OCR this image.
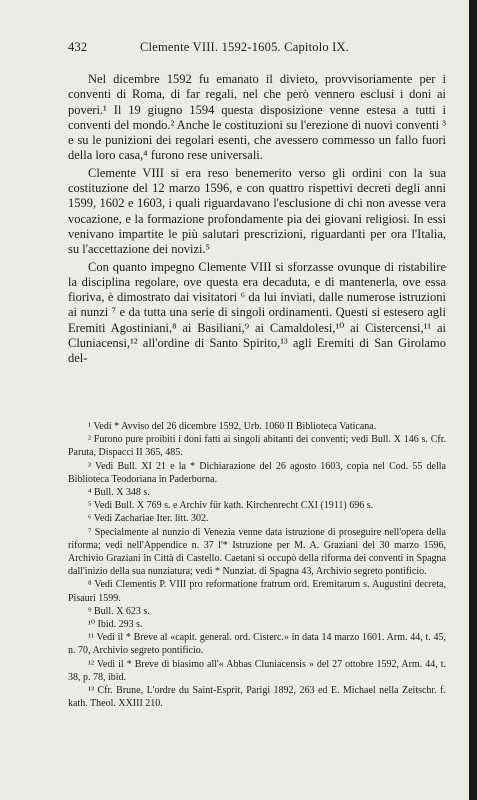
432	Clemente VIII. 1592-1605. Capitolo IX.

Nel dicembre 1592 fu emanato il divieto, provvisoriamente per i conventi di Roma, di far regali, nel che però vennero esclusi i doni ai poveri.¹ Il 19 giugno 1594 questa disposizione venne estesa a tutti i conventi del mondo.² Anche le costituzioni su l'erezione di nuovi conventi ³ e su le punizioni dei regolari esenti, che avessero commesso un fallo fuori della loro casa,⁴ furono rese universali.

Clemente VIII si era reso benemerito verso gli ordini con la sua costituzione del 12 marzo 1596, e con quattro rispettivi decreti degli anni 1599, 1602 e 1603, i quali riguardavano l'esclusione di chi non avesse vera vocazione, e la formazione profondamente pia dei giovani religiosi. In essi venivano impartite le più salutari prescrizioni, riguardanti per ora l'Italia, su l'accettazione dei novizi.⁵

Con quanto impegno Clemente VIII si sforzasse ovunque di ristabilire la disciplina regolare, ove questa era decaduta, e di mantenerla, ove essa fioriva, è dimostrato dai visitatori ⁶ da lui inviati, dalle numerose istruzioni ai nunzi ⁷ e da tutta una serie di singoli ordinamenti. Questi si estesero agli Eremiti Agostiniani,⁸ ai Basiliani,⁹ ai Camaldolesi,¹⁰ ai Cistercensi,¹¹ ai Cluniacensi,¹² all'ordine di Santo Spirito,¹³ agli Eremiti di San Girolamo del-

¹ Vedi * Avviso del 26 dicembre 1592, Urb. 1060 II Biblioteca Vaticana.

² Furono pure proibiti i doni fatti ai singoli abitanti dei conventi; vedi Bull. X 146 s. Cfr. Paruta, Dispacci II 365, 485.

³ Vedi Bull. XI 21 e la * Dichiarazione del 26 agosto 1603, copia nel Cod. 55 della Biblioteca Teodoriana in Paderborna.

⁴ Bull. X 348 s.

⁵ Vedi Bull. X 769 s. e Archiv für kath. Kirchenrecht CXI (1911) 696 s.

⁶ Vedi Zachariae Iter. litt. 302.

⁷ Specialmente al nunzio di Venezia venne data istruzione di proseguire nell'opera della riforma; vedi nell'Appendice n. 37 l'* Istruzione per M. A. Graziani del 30 marzo 1596, Archivio Graziani in Città di Castello. Caetani si occupò della riforma dei conventi in Spagna dall'inizio della sua nunziatura; vedi * Nunziat. di Spagna 43, Archivio segreto pontificio.

⁸ Vedi Clementis P. VIII pro reformatione fratrum ord. Eremitarum s. Augustini decreta, Pisauri 1599.

⁹ Bull. X 623 s.

¹⁰ Ibid. 293 s.

¹¹ Vedi il * Breve al «capit. general. ord. Cisterc.» in data 14 marzo 1601. Arm. 44, t. 45, n. 70, Archivio segreto pontificio.

¹² Vedi il * Breve di biasimo all'« Abbas Cluniacensis » del 27 ottobre 1592, Arm. 44, t. 38, p. 78, ibid.

¹³ Cfr. Brune, L'ordre du Saint-Esprit, Parigi 1892, 263 ed E. Michael nella Zeitschr. f. kath. Theol. XXIII 210.
